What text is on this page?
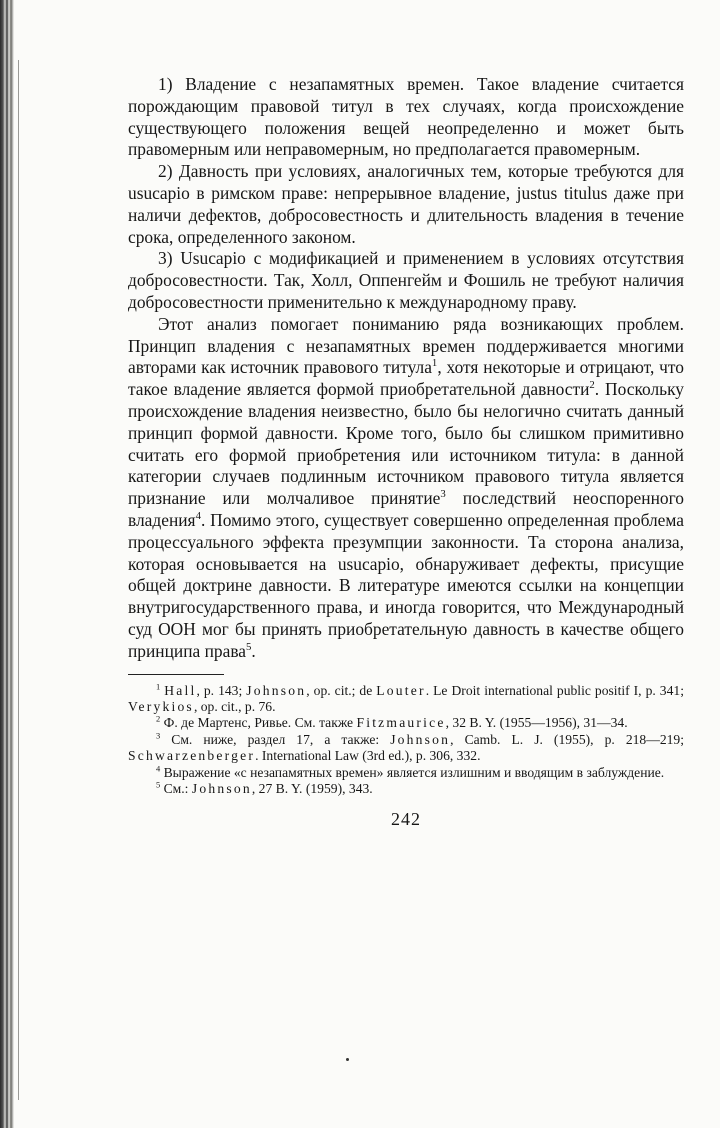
1) Владение с незапамятных времен. Такое владение считается порождающим правовой титул в тех случаях, когда происхождение существующего положения вещей неопределенно и может быть правомерным или неправомерным, но предполагается правомерным.

2) Давность при условиях, аналогичных тем, которые требуются для usucapio в римском праве: непрерывное владение, justus titulus даже при наличи дефектов, добросовестность и длительность владения в течение срока, определенного законом.

3) Usucapio с модификацией и применением в условиях отсутствия добросовестности. Так, Холл, Оппенгейм и Фошиль не требуют наличия добросовестности применительно к международному праву.

Этот анализ помогает пониманию ряда возникающих проблем. Принцип владения с незапамятных времен поддерживается многими авторами как источник правового титула$^1$, хотя некоторые и отрицают, что такое владение является формой приобретательной давности$^2$. Поскольку происхождение владения неизвестно, было бы нелогично считать данный принцип формой давности. Кроме того, было бы слишком примитивно считать его формой приобретения или источником титула: в данной категории случаев подлинным источником правового титула является признание или молчаливое принятие$^3$ последствий неоспоренного владения$^4$. Помимо этого, существует совершенно определенная проблема процессуального эффекта презумпции законности. Та сторона анализа, которая основывается на usucapio, обнаруживает дефекты, присущие общей доктрине давности. В литературе имеются ссылки на концепции внутригосударственного права, и иногда говорится, что Международный суд ООН мог бы принять приобретательную давность в качестве общего принципа права$^5$.

$^1$ Hall, p. 143; Johnson, op. cit.; de Louter. Le Droit international public positif I, p. 341; Verykios, op. cit., p. 76.

$^2$ Ф. де Мартенс, Ривье. См. также Fitzmaurice, 32 B. Y. (1955—1956), 31—34.

$^3$ См. ниже, раздел 17, а также: Johnson, Camb. L. J. (1955), p. 218—219; Schwarzenberger. International Law (3rd ed.), p. 306, 332.

$^4$ Выражение «с незапамятных времен» является излишним и вводящим в заблуждение.

$^5$ См.: Johnson, 27 B. Y. (1959), 343.

242
